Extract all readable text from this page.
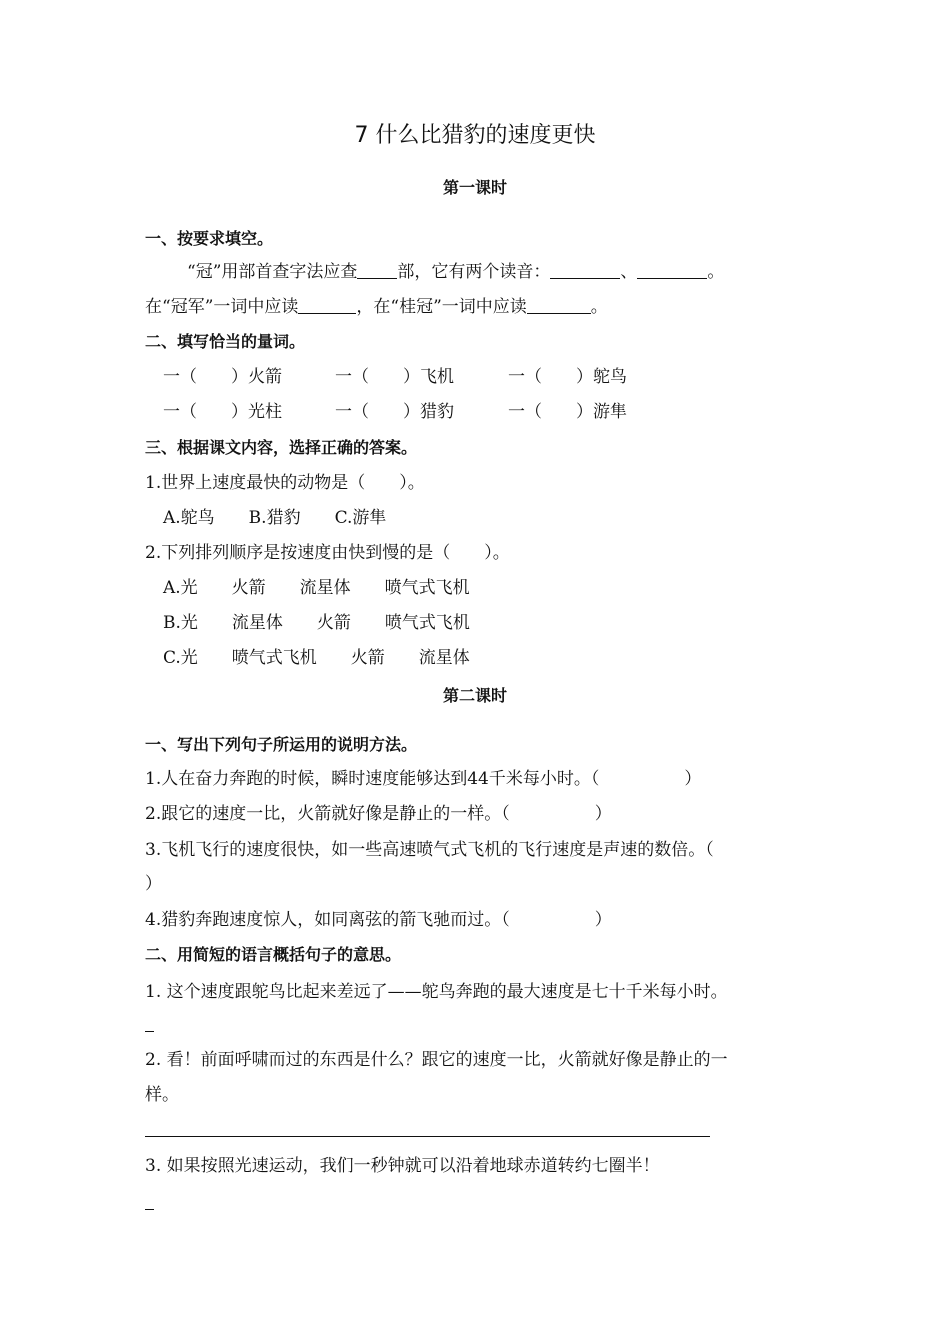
7 什么比猎豹的速度更快
第一课时
一、按要求填空。
“冠”用部首查字法应查 部，它有两个读音：	、	。
在“冠军”一词中应读	，在“桂冠”一词中应读	。
二、填写恰当的量词。
一（　　）火箭	一（　　）飞机	一（　　）鸵鸟
一（　　）光柱	一（　　）猎豹	一（　　）游隼
三、根据课文内容，选择正确的答案。
1.世界上速度最快的动物是（　　）。
A.鸵鸟　　B.猎豹　　C.游隼
2.下列排列顺序是按速度由快到慢的是（　　）。
A.光　　火箭　　流星体　　喷气式飞机
B.光　　流星体　　火箭　　喷气式飞机
C.光　　喷气式飞机　　火箭　　流星体
第二课时
一、写出下列句子所运用的说明方法。
1.人在奋力奔跑的时候，瞬时速度能够达到44千米每小时。（　　　　　）
2.跟它的速度一比，火箭就好像是静止的一样。（　　　　　）
3.飞机飞行的速度很快，如一些高速喷气式飞机的飞行速度是声速的数倍。（
）
4.猎豹奔跑速度惊人，如同离弦的箭飞驰而过。（　　　　　）
二、用简短的语言概括句子的意思。
1. 这个速度跟鸵鸟比起来差远了——鸵鸟奔跑的最大速度是七十千米每小时。
2. 看！前面呼啸而过的东西是什么？跟它的速度一比，火箭就好像是静止的一
样。
3. 如果按照光速运动，我们一秒钟就可以沿着地球赤道转约七圈半！
